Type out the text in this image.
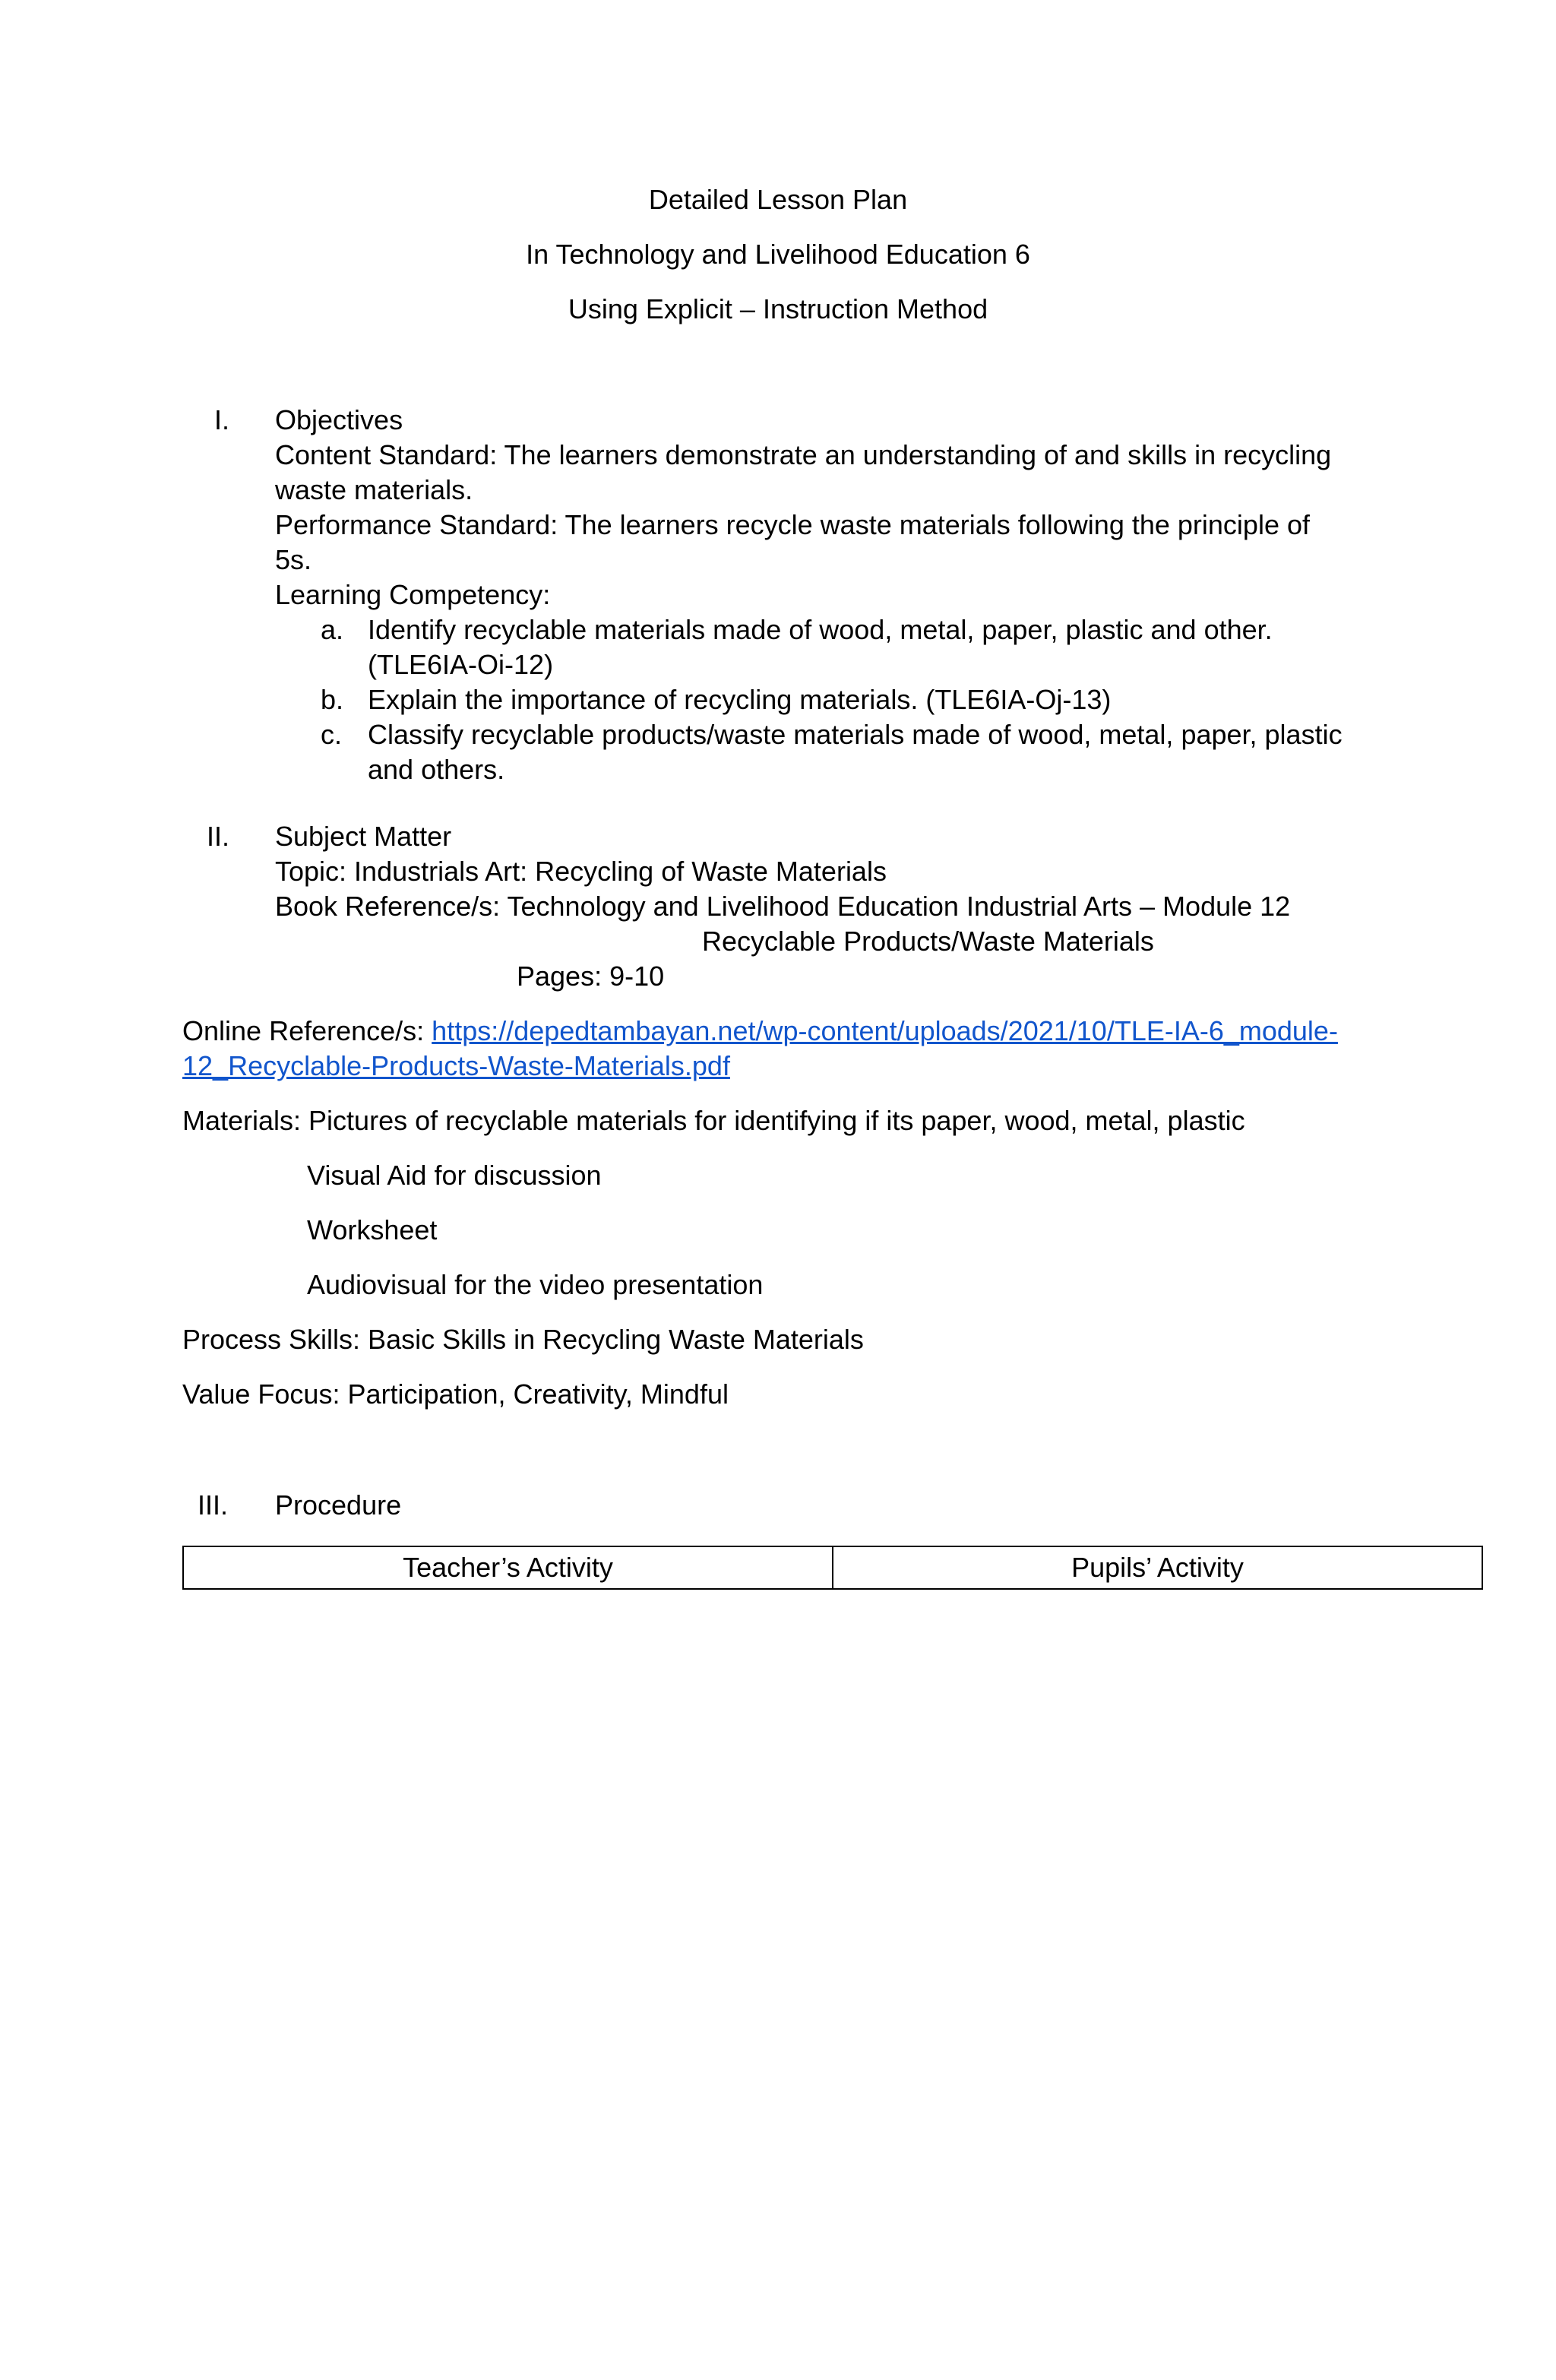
Detailed Lesson Plan
In Technology and Livelihood Education 6
Using Explicit – Instruction Method
I. Objectives
Content Standard: The learners demonstrate an understanding of and skills in recycling
waste materials.
Performance Standard: The learners recycle waste materials following the principle of
5s.
Learning Competency:
a. Identify recyclable materials made of wood, metal, paper, plastic and other.
(TLE6IA-Oi-12)
b. Explain the importance of recycling materials. (TLE6IA-Oj-13)
c. Classify recyclable products/waste materials made of wood, metal, paper, plastic
and others.
II. Subject Matter
Topic: Industrials Art: Recycling of Waste Materials
Book Reference/s: Technology and Livelihood Education Industrial Arts – Module 12
Recyclable Products/Waste Materials
Pages: 9-10
Online Reference/s: https://depedtambayan.net/wp-content/uploads/2021/10/TLE-IA-6_module-
12_Recyclable-Products-Waste-Materials.pdf
Materials: Pictures of recyclable materials for identifying if its paper, wood, metal, plastic
Visual Aid for discussion
Worksheet
Audiovisual for the video presentation
Process Skills: Basic Skills in Recycling Waste Materials
Value Focus: Participation, Creativity, Mindful
III. Procedure
Teacher’s Activity	Pupils’ Activity
